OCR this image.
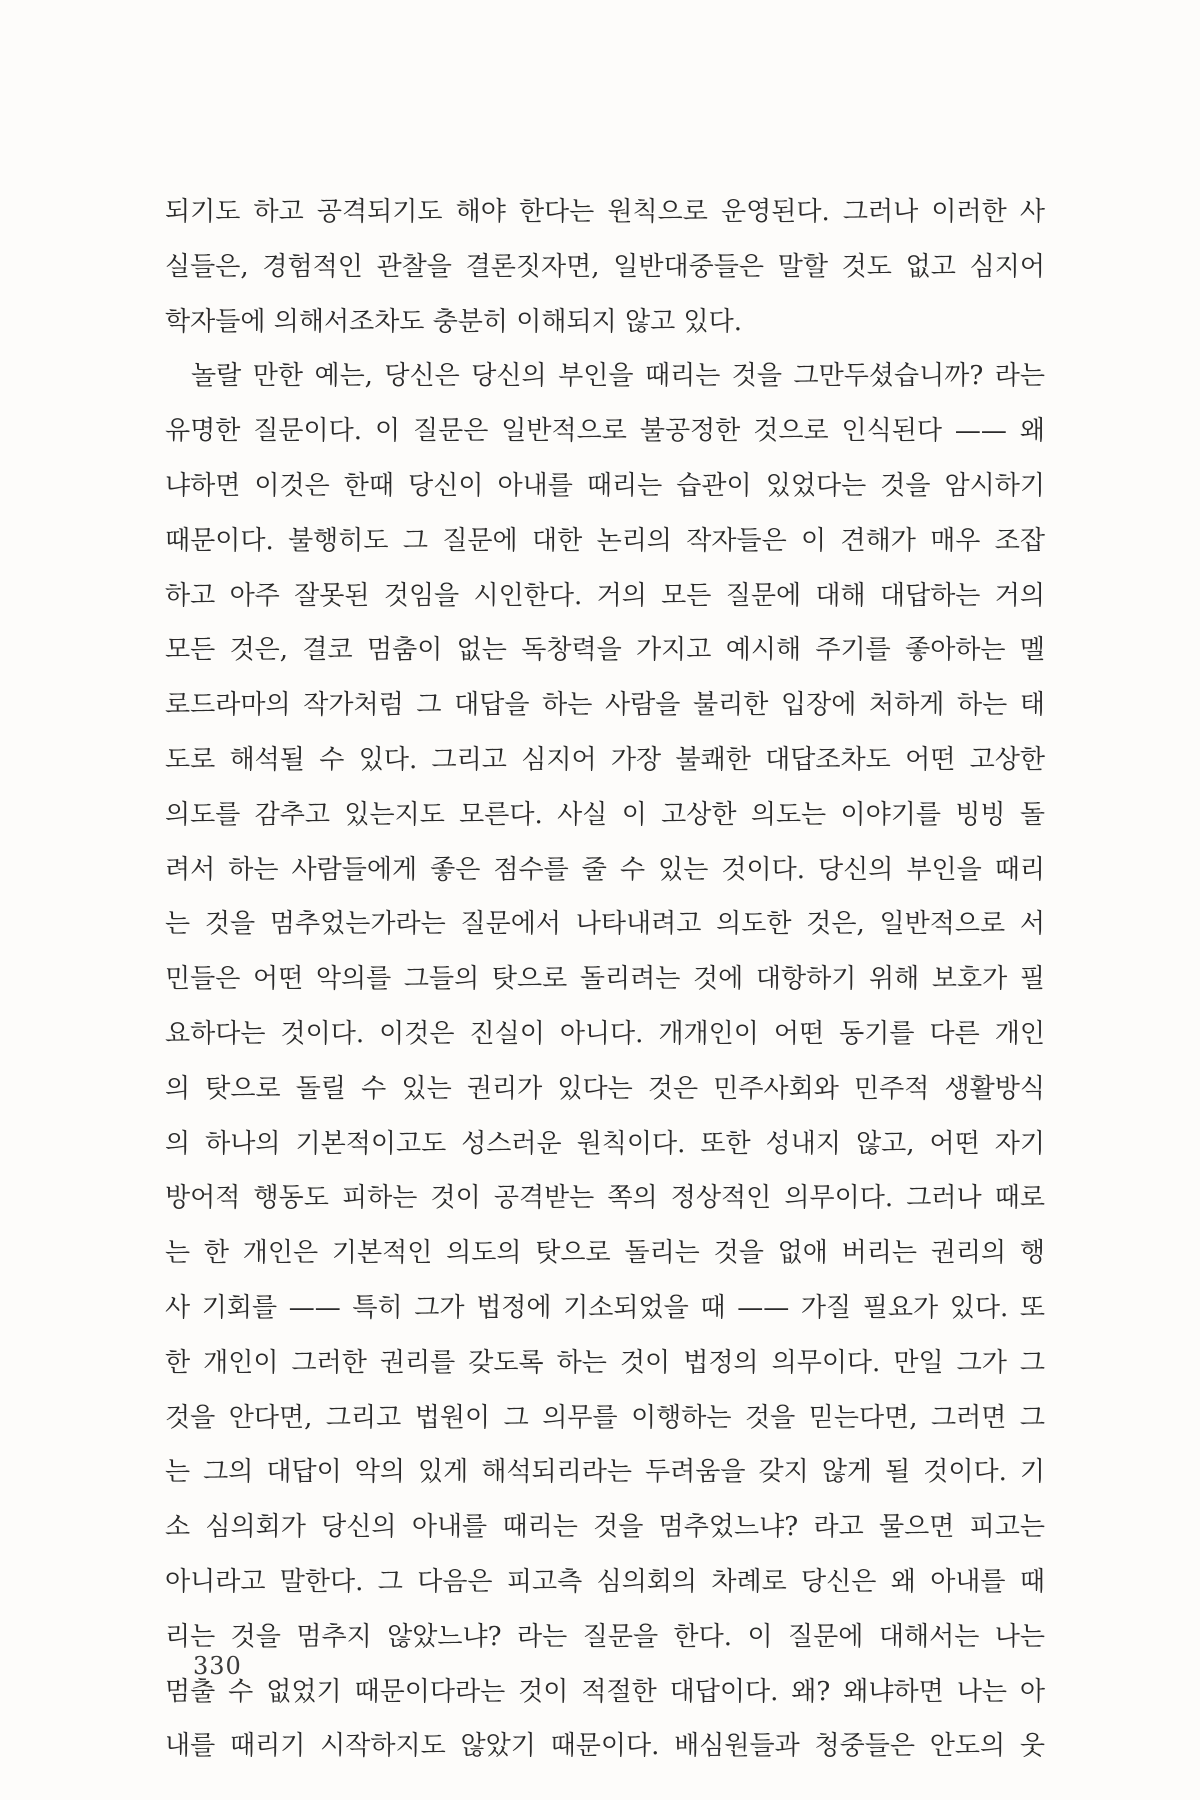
되기도 하고 공격되기도 해야 한다는 원칙으로 운영된다. 그러나 이러한 사
실들은, 경험적인 관찰을 결론짓자면, 일반대중들은 말할 것도 없고 심지어
학자들에 의해서조차도 충분히 이해되지 않고 있다.
놀랄 만한 예는, 당신은 당신의 부인을 때리는 것을 그만두셨습니까? 라는
유명한 질문이다. 이 질문은 일반적으로 불공정한 것으로 인식된다 —— 왜
냐하면 이것은 한때 당신이 아내를 때리는 습관이 있었다는 것을 암시하기
때문이다. 불행히도 그 질문에 대한 논리의 작자들은 이 견해가 매우 조잡
하고 아주 잘못된 것임을 시인한다. 거의 모든 질문에 대해 대답하는 거의
모든 것은, 결코 멈춤이 없는 독창력을 가지고 예시해 주기를 좋아하는 멜
로드라마의 작가처럼 그 대답을 하는 사람을 불리한 입장에 처하게 하는 태
도로 해석될 수 있다. 그리고 심지어 가장 불쾌한 대답조차도 어떤 고상한
의도를 감추고 있는지도 모른다. 사실 이 고상한 의도는 이야기를 빙빙 돌
려서 하는 사람들에게 좋은 점수를 줄 수 있는 것이다. 당신의 부인을 때리
는 것을 멈추었는가라는 질문에서 나타내려고 의도한 것은, 일반적으로 서
민들은 어떤 악의를 그들의 탓으로 돌리려는 것에 대항하기 위해 보호가 필
요하다는 것이다. 이것은 진실이 아니다. 개개인이 어떤 동기를 다른 개인
의 탓으로 돌릴 수 있는 권리가 있다는 것은 민주사회와 민주적 생활방식
의 하나의 기본적이고도 성스러운 원칙이다. 또한 성내지 않고, 어떤 자기
방어적 행동도 피하는 것이 공격받는 쪽의 정상적인 의무이다. 그러나 때로
는 한 개인은 기본적인 의도의 탓으로 돌리는 것을 없애 버리는 권리의 행
사 기회를 —— 특히 그가 법정에 기소되었을 때 —— 가질 필요가 있다. 또
한 개인이 그러한 권리를 갖도록 하는 것이 법정의 의무이다. 만일 그가 그
것을 안다면, 그리고 법원이 그 의무를 이행하는 것을 믿는다면, 그러면 그
는 그의 대답이 악의 있게 해석되리라는 두려움을 갖지 않게 될 것이다. 기
소 심의회가 당신의 아내를 때리는 것을 멈추었느냐? 라고 물으면 피고는
아니라고 말한다. 그 다음은 피고측 심의회의 차례로 당신은 왜 아내를 때
리는 것을 멈추지 않았느냐? 라는 질문을 한다. 이 질문에 대해서는 나는
멈출 수 없었기 때문이다라는 것이 적절한 대답이다. 왜? 왜냐하면 나는 아
내를 때리기 시작하지도 않았기 때문이다. 배심원들과 청중들은 안도의 웃
330
